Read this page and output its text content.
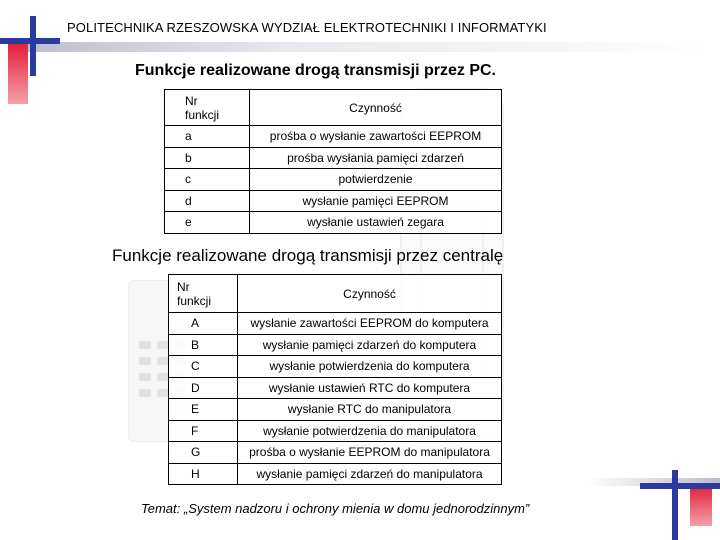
POLITECHNIKA RZESZOWSKA WYDZIAŁ ELEKTROTECHNIKI I INFORMATYKI
Funkcje realizowane drogą transmisji przez PC.
Nr
funkcji	Czynność
a	prośba o wysłanie zawartości EEPROM
b	prośba wysłania pamięci zdarzeń
c	potwierdzenie
d	wysłanie pamięci EEPROM
e	wysłanie ustawień zegara
Funkcje realizowane drogą transmisji przez centralę
Nr
funkcji	Czynność
A	wysłanie zawartości EEPROM do komputera
B	wysłanie pamięci zdarzeń do komputera
C	wysłanie potwierdzenia do komputera
D	wysłanie ustawień RTC do komputera
E	wysłanie RTC do manipulatora
F	wysłanie potwierdzenia do manipulatora
G	prośba o wysłanie EEPROM do manipulatora
H	wysłanie pamięci zdarzeń do manipulatora
Temat: „System nadzoru i ochrony mienia w domu jednorodzinnym”
